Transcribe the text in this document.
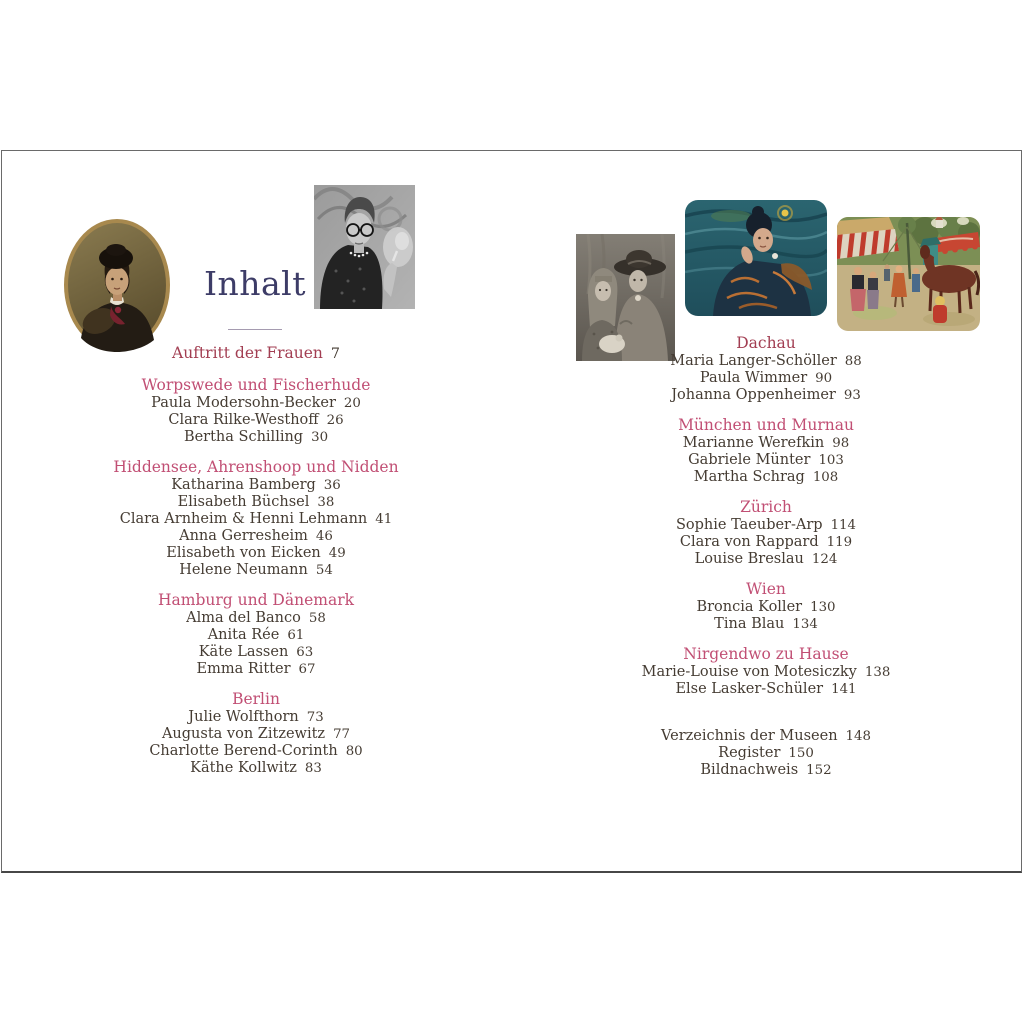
Inhalt
Auftritt der Frauen 7
Worpswede und Fischerhude
Paula Modersohn-Becker 20
Clara Rilke-Westhoff 26
Bertha Schilling 30
Hiddensee, Ahrenshoop und Nidden
Katharina Bamberg 36
Elisabeth Büchsel 38
Clara Arnheim & Henni Lehmann 41
Anna Gerresheim 46
Elisabeth von Eicken 49
Helene Neumann 54
Hamburg und Dänemark
Alma del Banco 58
Anita Rée 61
Käte Lassen 63
Emma Ritter 67
Berlin
Julie Wolfthorn 73
Augusta von Zitzewitz 77
Charlotte Berend-Corinth 80
Käthe Kollwitz 83
Dachau
Maria Langer-Schöller 88
Paula Wimmer 90
Johanna Oppenheimer 93
München und Murnau
Marianne Werefkin 98
Gabriele Münter 103
Martha Schrag 108
Zürich
Sophie Taeuber-Arp 114
Clara von Rappard 119
Louise Breslau 124
Wien
Broncia Koller 130
Tina Blau 134
Nirgendwo zu Hause
Marie-Louise von Motesiczky 138
Else Lasker-Schüler 141
Verzeichnis der Museen 148
Register 150
Bildnachweis 152
